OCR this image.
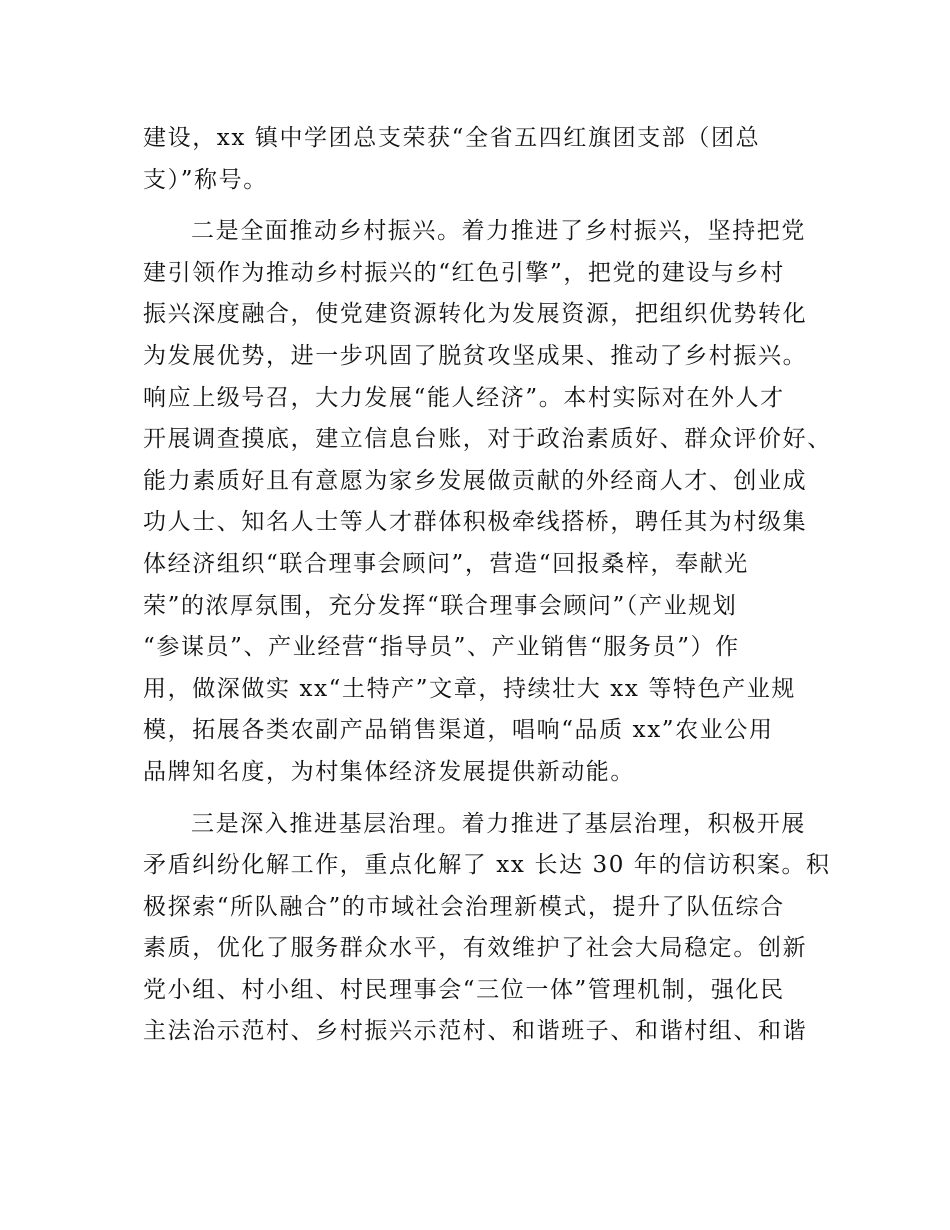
建设，xx 镇中学团总支荣获“全省五四红旗团支部（团总
支）”称号。
二是全面推动乡村振兴。着力推进了乡村振兴，坚持把党
建引领作为推动乡村振兴的“红色引擎”，把党的建设与乡村
振兴深度融合，使党建资源转化为发展资源，把组织优势转化
为发展优势，进一步巩固了脱贫攻坚成果、推动了乡村振兴。
响应上级号召，大力发展“能人经济”。本村实际对在外人才
开展调查摸底，建立信息台账，对于政治素质好、群众评价好、
能力素质好且有意愿为家乡发展做贡献的外经商人才、创业成
功人士、知名人士等人才群体积极牵线搭桥，聘任其为村级集
体经济组织“联合理事会顾问”，营造“回报桑梓，奉献光
荣”的浓厚氛围，充分发挥“联合理事会顾问”（产业规划
“参谋员”、产业经营“指导员”、产业销售“服务员”）作
用，做深做实 xx“土特产”文章，持续壮大 xx 等特色产业规
模，拓展各类农副产品销售渠道，唱响“品质 xx”农业公用
品牌知名度，为村集体经济发展提供新动能。
三是深入推进基层治理。着力推进了基层治理，积极开展
矛盾纠纷化解工作，重点化解了 xx 长达 30 年的信访积案。积
极探索“所队融合”的市域社会治理新模式，提升了队伍综合
素质，优化了服务群众水平，有效维护了社会大局稳定。创新
党小组、村小组、村民理事会“三位一体”管理机制，强化民
主法治示范村、乡村振兴示范村、和谐班子、和谐村组、和谐
